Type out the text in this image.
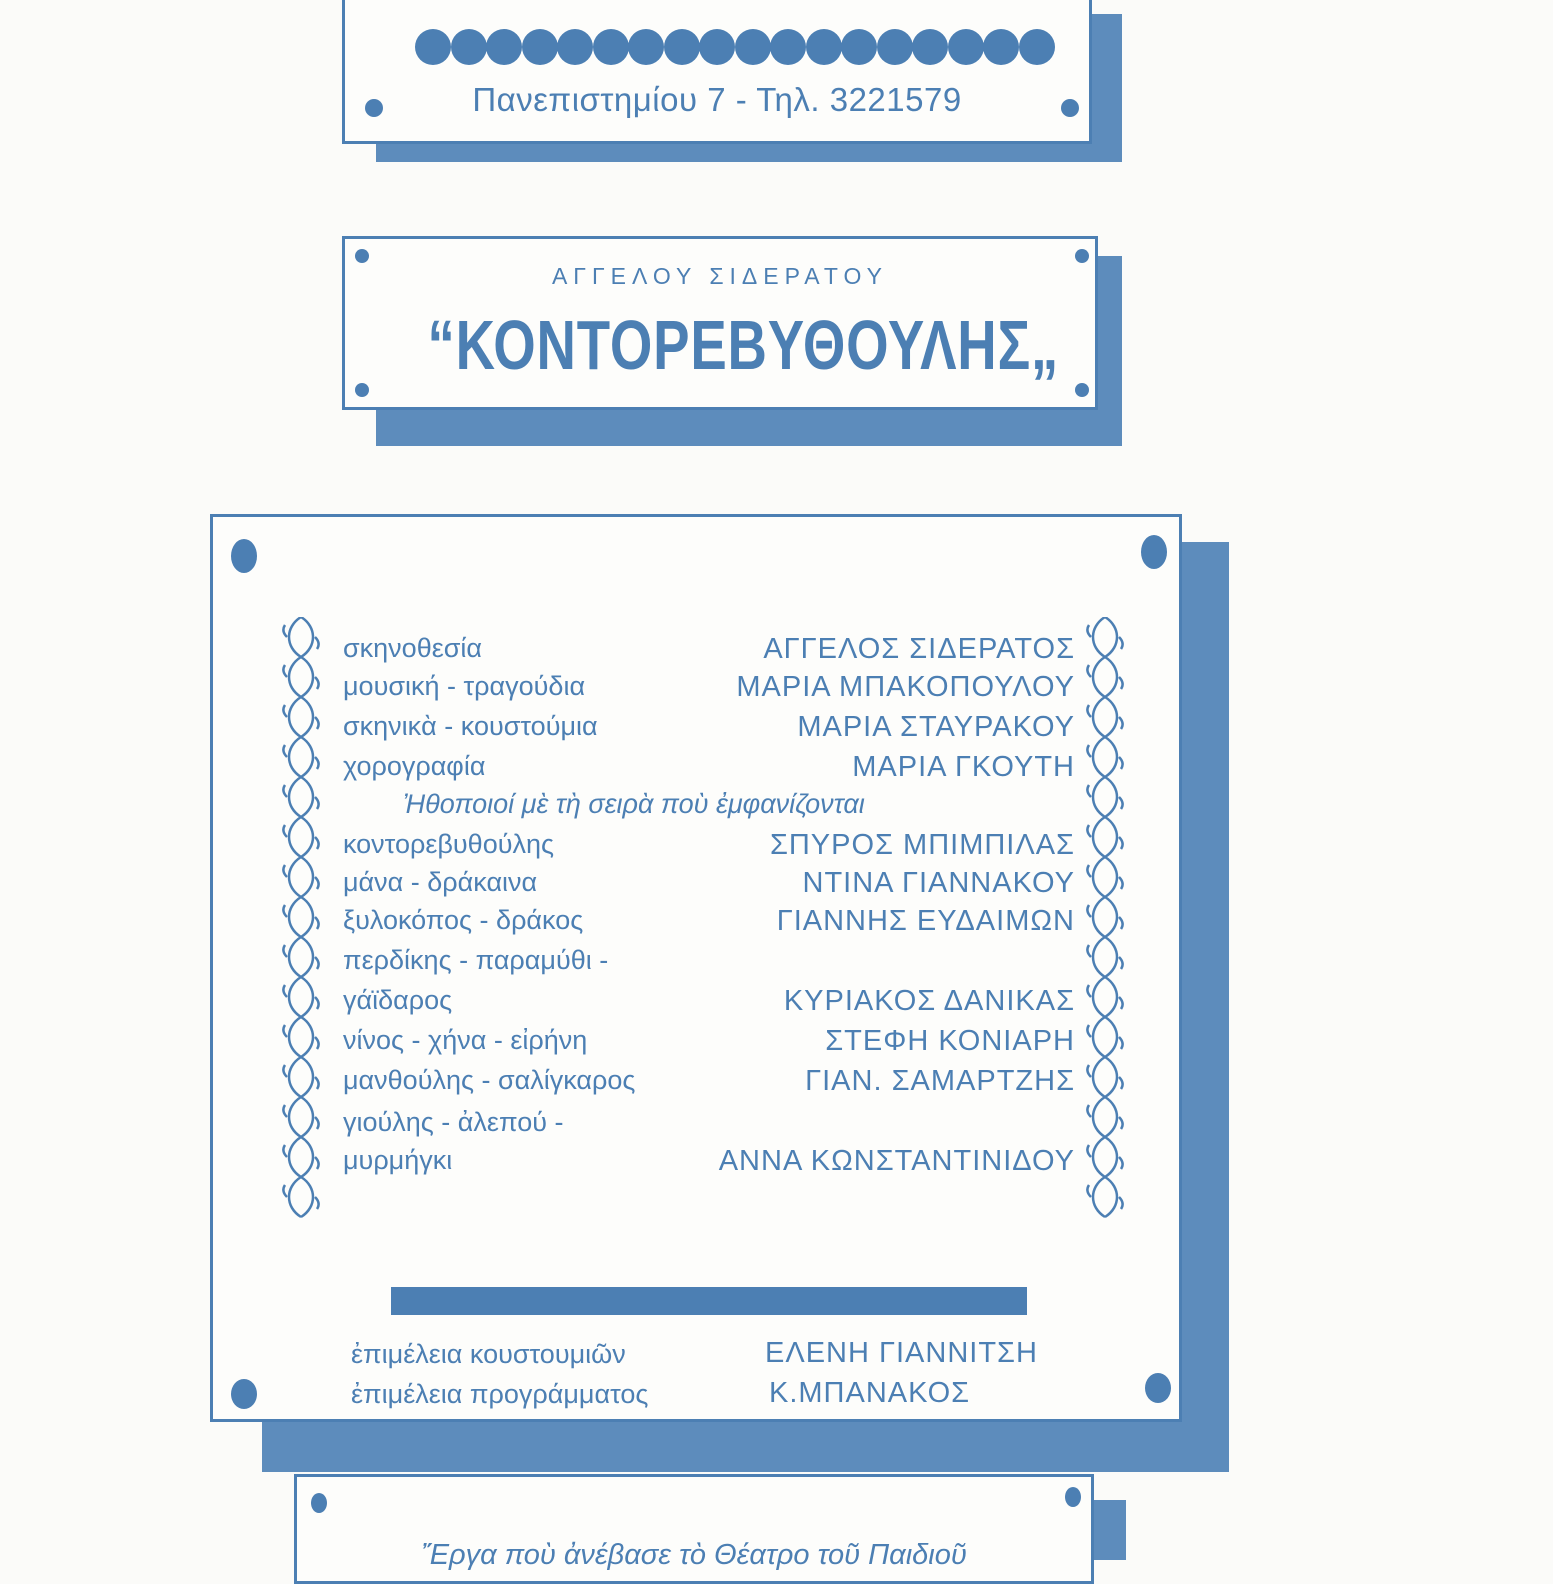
Πανεπιστημίου 7 - Τηλ. 3221579
ΑΓΓΕΛΟΥ ΣΙΔΕΡΑΤΟΥ
“ΚΟΝΤΟΡΕΒΥΘΟΥΛΗΣ„
σκηνοθεσία	ΑΓΓΕΛΟΣ ΣΙΔΕΡΑΤΟΣ
μουσική - τραγούδια	ΜΑΡΙΑ ΜΠΑΚΟΠΟΥΛΟΥ
σκηνικὰ - κουστούμια	ΜΑΡΙΑ ΣΤΑΥΡΑΚΟΥ
χορογραφία	ΜΑΡΙΑ ΓΚΟΥΤΗ
Ἠθοποιοί μὲ τὴ σειρὰ ποὺ ἐμφανίζονται
κοντορεβυθούλης	ΣΠΥΡΟΣ ΜΠΙΜΠΙΛΑΣ
μάνα - δράκαινα	ΝΤΙΝΑ ΓΙΑΝΝΑΚΟΥ
ξυλοκόπος - δράκος	ΓΙΑΝΝΗΣ ΕΥΔΑΙΜΩΝ
περδίκης - παραμύθι -
γάϊδαρος	ΚΥΡΙΑΚΟΣ ΔΑΝΙΚΑΣ
νίνος - χήνα - εἰρήνη	ΣΤΕΦΗ ΚΟΝΙΑΡΗ
μανθούλης - σαλίγκαρος	ΓΙΑΝ. ΣΑΜΑΡΤΖΗΣ
γιούλης - ἀλεπού -
μυρμήγκι	ΑΝΝΑ ΚΩΝΣΤΑΝΤΙΝΙΔΟΥ
ἐπιμέλεια κουστουμιῶν	ΕΛΕΝΗ ΓΙΑΝΝΙΤΣΗ
ἐπιμέλεια προγράμματος	Κ.ΜΠΑΝΑΚΟΣ
Ἔργα ποὺ ἀνέβασε τὸ Θέατρο τοῦ Παιδιοῦ
